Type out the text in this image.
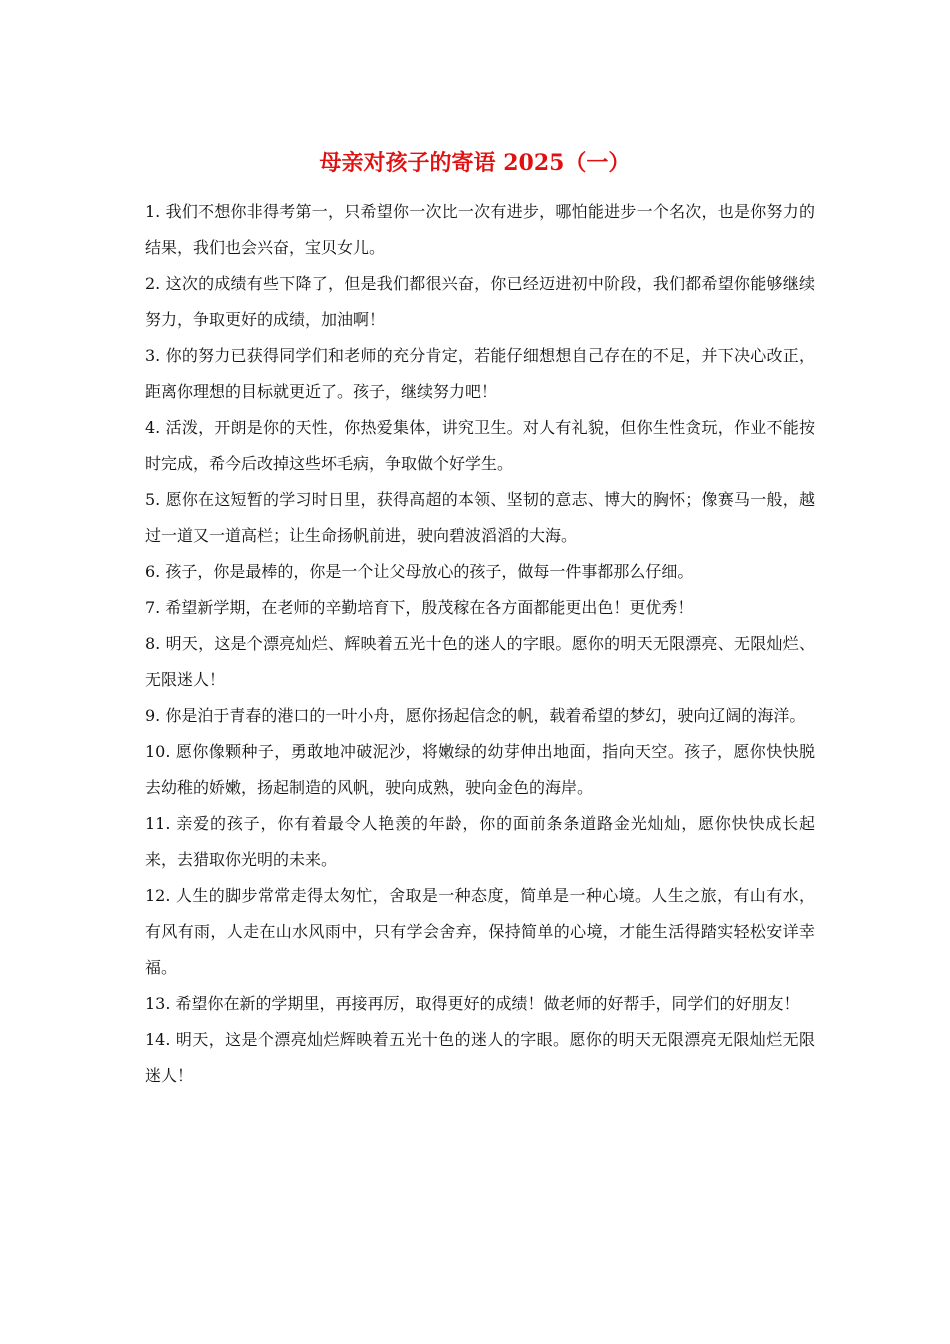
母亲对孩子的寄语 2025（一）
1. 我们不想你非得考第一，只希望你一次比一次有进步，哪怕能进步一个名次，也是你努力的结果，我们也会兴奋，宝贝女儿。
2. 这次的成绩有些下降了，但是我们都很兴奋，你已经迈进初中阶段，我们都希望你能够继续努力，争取更好的成绩，加油啊！
3. 你的努力已获得同学们和老师的充分肯定，若能仔细想想自己存在的不足，并下决心改正，距离你理想的目标就更近了。孩子，继续努力吧！
4. 活泼，开朗是你的天性，你热爱集体，讲究卫生。对人有礼貌，但你生性贪玩，作业不能按时完成，希今后改掉这些坏毛病，争取做个好学生。
5. 愿你在这短暂的学习时日里，获得高超的本领、坚韧的意志、博大的胸怀；像赛马一般，越过一道又一道高栏；让生命扬帆前进，驶向碧波滔滔的大海。
6. 孩子，你是最棒的，你是一个让父母放心的孩子，做每一件事都那么仔细。
7. 希望新学期，在老师的辛勤培育下，殷茂稼在各方面都能更出色！更优秀！
8. 明天，这是个漂亮灿烂、辉映着五光十色的迷人的字眼。愿你的明天无限漂亮、无限灿烂、无限迷人！
9. 你是泊于青春的港口的一叶小舟，愿你扬起信念的帆，载着希望的梦幻，驶向辽阔的海洋。
10. 愿你像颗种子，勇敢地冲破泥沙，将嫩绿的幼芽伸出地面，指向天空。孩子，愿你快快脱去幼稚的娇嫩，扬起制造的风帆，驶向成熟，驶向金色的海岸。
11. 亲爱的孩子，你有着最令人艳羡的年龄，你的面前条条道路金光灿灿，愿你快快成长起来，去猎取你光明的未来。
12. 人生的脚步常常走得太匆忙，舍取是一种态度，简单是一种心境。人生之旅，有山有水，有风有雨，人走在山水风雨中，只有学会舍弃，保持简单的心境，才能生活得踏实轻松安详幸福。
13. 希望你在新的学期里，再接再厉，取得更好的成绩！做老师的好帮手，同学们的好朋友！
14. 明天，这是个漂亮灿烂辉映着五光十色的迷人的字眼。愿你的明天无限漂亮无限灿烂无限迷人！
